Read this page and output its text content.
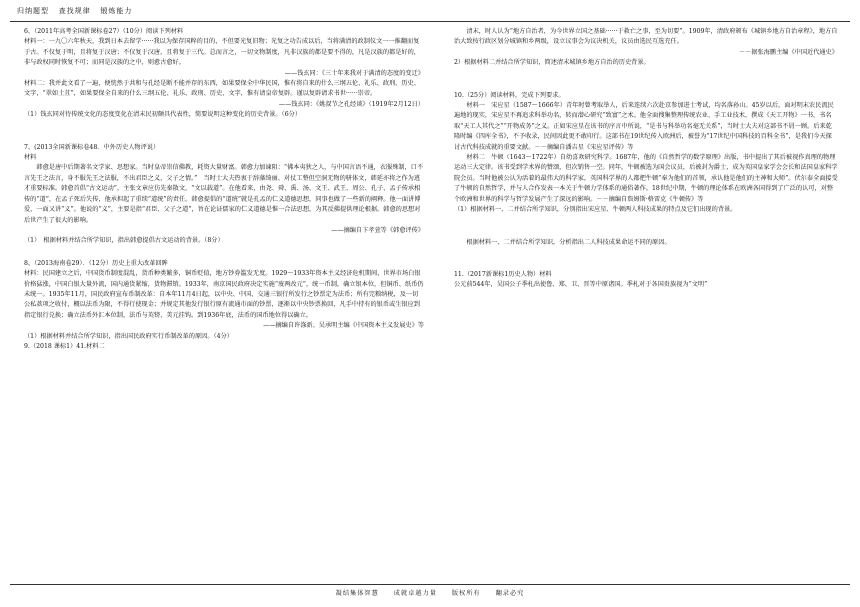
归纳题型 查找规律 锻炼能力

6、（2011年高考全国新课标卷27）（10分）阅读下列材料

材料一：一九〇六年秋天，我到日本去留学······我以为保存国粹的目的，不但要光复旧物；光复之功告成以后，当将满清的政制仪文一一推翻而复于古。不仅复于明，且将复于汉唐；不仅复于汉唐，且将复于三代。总而言之，一切文物制度，凡非汉族的都是要不得的，凡是汉族的都是好的，非与政权同时恢复不可；而同是汉族的之中，则愈古愈好。

——钱玄同：《三十年来我对于满清的态度的变迁》

材料二：我并此文看了一遍，便恍然于共和与孔经是断不能并存的东西，如果要保全中华民国，惟有将自来的什么三纲五伦、礼乐、政刑、历史、文字，“翠如土苴”，如果要保全自来的什么三纲五伦、礼乐、政刑、历史、文字，惟有请皇帝复辟。谨以复辟请求书世······崇帝。

——钱玄同：《姚叔节之孔经谈》（1919年2月12日）

（1）钱玄同对待传统文化的态度变化在清末民初颇具代表性，简要说明这种变化的历史背景。（6分）

7、(2013全国新课标卷48．中外历史人物评说）

材料

韩愈是唐中后期著名文学家、思想家。当时皇帝崇信佛教，耗资大量财富。韩愈力加谏阻：“佛本夷狄之人，与中国言语不通，衣服殊制，口不言先王之法言，身不服先王之法服，不出君臣之义，父子之情。”　当时士大夫热衷于辞藻绮丽、对仗工整但空洞无物的骈体文，韩延亦将之作为逃才重要标准。韩愈首倡“古文运动”，主张文章应仿先秦散文，“文以载道”。在他看来，由尧、舜、禹、汤、文王、武王、周公、孔子、孟子传承相传的“道”，在孟子死后失传，他承担起了重续“道统”的责任。韩愈提倡的“道统”就是孔孟的仁义道德思想，同事也做了一些新的阐释。他一面讲博爱，一面又讲“义”。他说的“义”，主要是指“君臣、父子之道”，旨在论证儒家的仁义道德是惟一合法思想，为其反佛提供理论根据。韩愈的思想对后世产生了很大的影响。

——摘编自卞孝萱等《韩愈评传》

（1）　根据材料并结合所学知识，指出韩愈提倡古文运动的背景。（8分）

8、（2013海南卷29）．（12分）历史上重大改革回眸

材料：民国建立之后，中国货币制度混乱，货币种类繁多，铜币贬值，地方钞券滥发无度。1929～1933年资本主义经济危机期间，世界市场白银价格猛涨，中国白银大量外流，国内通货紧缩，货物滞销。1933年，南京国民政府决定实施“废两改元”，统一币制，确立银本位，但铜币、纸币仍未统一。1935年11月，国民政府宣布币制改革：自本年11月4日起，以中央、中国、交通三银行所发行之钞票定为法币；所有完粮纳税，及一切公私款项之收付，概以法币为限，不得行使现金；并规定其他发行银行原有流通市面的钞票，逐渐以中央钞票换回，凡手中持有的银币或生银应到指定银行兑换；确立法币外汇本位制，法币与英镑、美元挂钩。到1936年底，法币的国币地位得以确立。

——摘编自许涤新、吴承明主编《中国资本主义发展史》等

（1）根据材料并结合所学知识，指出国民政府实行币制改革的原因。（4分）

9.（2018 课标1）41.材料二

清末，时人认为“地方自治者，为今世界立国之基础······于救亡之事，至为切要”。1909年，清政府颁布《城镇乡地方自治章程》，地方自治大致按行政区划分城镇和乡两级，设立议事会为议决机关，议员由选民互选充任。

－－据张海鹏主编《中国近代通史》

2）根据材料二并结合所学知识，简述清末城镇乡地方自治的历史背景。

10.（25分）阅读材料，完成下列要求。

材料一　宋应星（1587～1666年）青年时曾考取举人，后来连续六次赴京参加进士考试，均名落孙山。45岁以后，面对明末农民流民遍地的现实，宋应星不再追求科举功名，转而潜心研究“致富”之术。他全面搜集整理传统农业、手工业技术，撰成《天工开物》一书，书名取“天工人其代之”“开物成务”之义。正如宋应星在该书的序言中所说，“是书与科举功名毫无关系”，当时士大夫对这部书不屑一顾。后来乾隆时编《四库全书》，不予收录，民间因此更不敢印行。这部书在19世纪传入欧洲后，被誉为“17世纪中国科技的百科全书”，是我们今天探讨古代科技成就的重要文献。－－摘编自潘吉星《宋应星评传》等

材料二　牛顿（1643～1722年）自幼喜欢研究科学。1687年，他的《自然哲学的数学原理》出版，书中提出了其后被视作真理的物理运动三大定律。该书受到学术界的赞颂，但次销售一空。同年，牛顿被选为国会议员，后被封为爵士，成为英国皇家学会会长和法国皇家科学院会员。当时他被公认为活着的最伟大的科学家，英国科学界的人都把牛顿“奉为他们的首领，承认他是他们的主神和大师”。伏尔泰全面接受了牛顿的自然哲学，并与人合作发表一本关于牛顿力学体系的通俗著作。18世纪中期，牛顿的理论体系在欧洲各国得到了广泛的认可，对整个欧洲和世界的科学与哲学发展产生了深远的影响。－－摘编自詹姆斯·格雷克《牛顿传》等

（1）根据材料一、二并结合所学知识，分别指出宋应星、牛顿两人科技成果的特点及它们出现的背景。

根据材料一、二并结合所学知识，分析指出二人科技成果命运不同的原因。

11.（2017新课标1历史人物）材料

公元前544年，吴国公子季札出使鲁、郑、卫、晋等中原诸国。季札对于各国贵族视为“文明”

凝结集体智慧 成就卓越力量 版权所有 翻录必究
